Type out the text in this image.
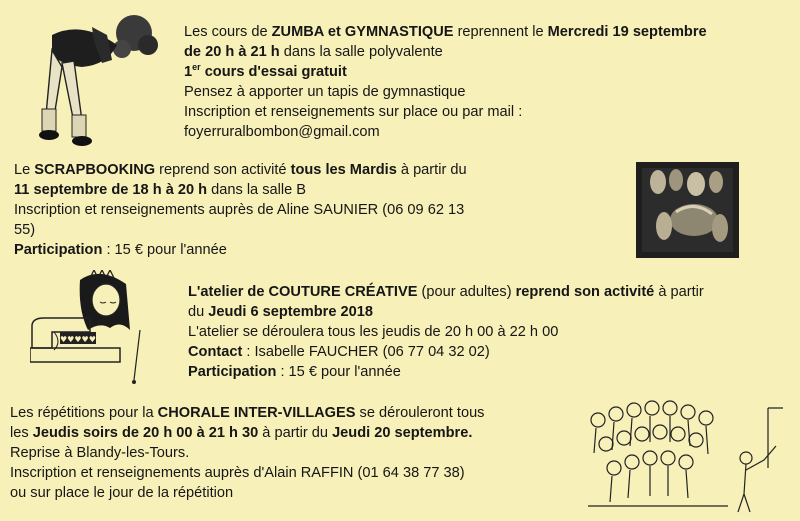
Les cours de ZUMBA et GYMNASTIQUE reprennent le Mercredi 19 septembre
de 20 h à 21 h dans la salle polyvalente
1er cours d'essai gratuit
Pensez à apporter un tapis de gymnastique
Inscription et renseignements sur place ou par mail :
foyerruralbombon@gmail.com
Le SCRAPBOOKING reprend son activité tous les Mardis à partir du
11 septembre de 18 h à 20 h dans la salle B
Inscription et renseignements auprès de Aline SAUNIER (06 09 62 13
55)
Participation : 15 € pour l'année
♥♥♥♥♥
L'atelier de COUTURE CRÉATIVE (pour adultes) reprend son activité à partir
du Jeudi 6 septembre 2018
L'atelier se déroulera tous les jeudis de 20 h 00 à 22 h 00
Contact : Isabelle FAUCHER (06 77 04 32 02)
Participation : 15 € pour l'année
Les répétitions pour la CHORALE INTER-VILLAGES se dérouleront tous
les Jeudis soirs de 20 h 00 à 21 h 30 à partir du Jeudi 20 septembre.
Reprise à Blandy-les-Tours.
Inscription et renseignements auprès d'Alain RAFFIN (01 64 38 77 38)
ou sur place le jour de la répétition
